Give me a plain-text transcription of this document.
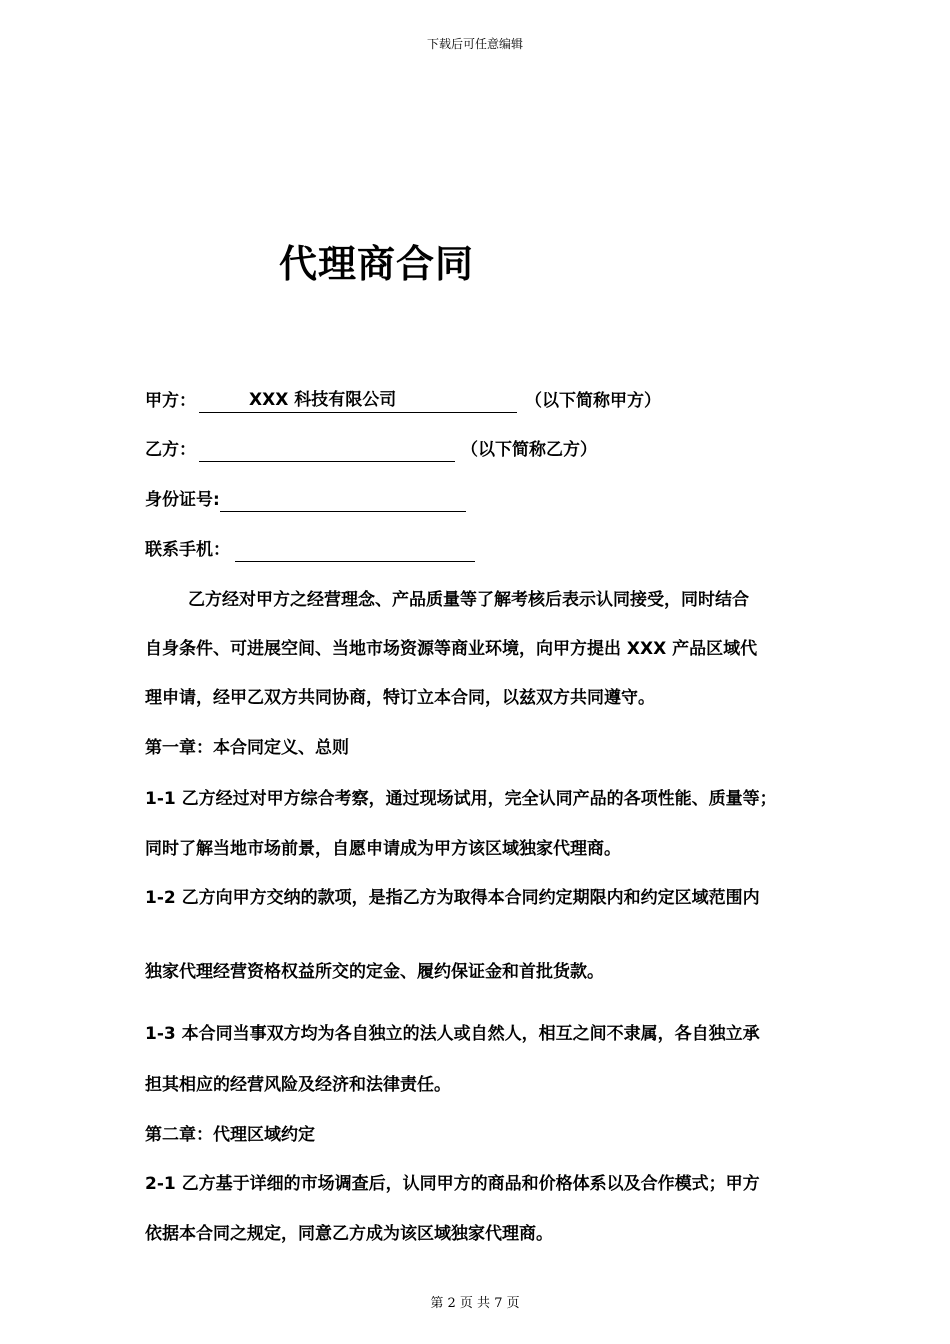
下载后可任意编辑
代理商合同
甲方：	XXX 科技有限公司	（以下简称甲方）
乙方：	（以下简称乙方）
身份证号:
联系手机：
乙方经对甲方之经营理念、产品质量等了解考核后表示认同接受，同时结合
自身条件、可进展空间、当地市场资源等商业环境，向甲方提出 XXX 产品区域代
理申请，经甲乙双方共同协商，特订立本合同，以兹双方共同遵守。
第一章：本合同定义、总则
1-1 乙方经过对甲方综合考察，通过现场试用，完全认同产品的各项性能、质量等；
同时了解当地市场前景，自愿申请成为甲方该区域独家代理商。
1-2 乙方向甲方交纳的款项，是指乙方为取得本合同约定期限内和约定区域范围内
独家代理经营资格权益所交的定金、履约保证金和首批货款。
1-3 本合同当事双方均为各自独立的法人或自然人，相互之间不隶属，各自独立承
担其相应的经营风险及经济和法律责任。
第二章：代理区域约定
2-1 乙方基于详细的市场调查后，认同甲方的商品和价格体系以及合作模式；甲方
依据本合同之规定，同意乙方成为该区域独家代理商。
第 2 页 共 7 页
